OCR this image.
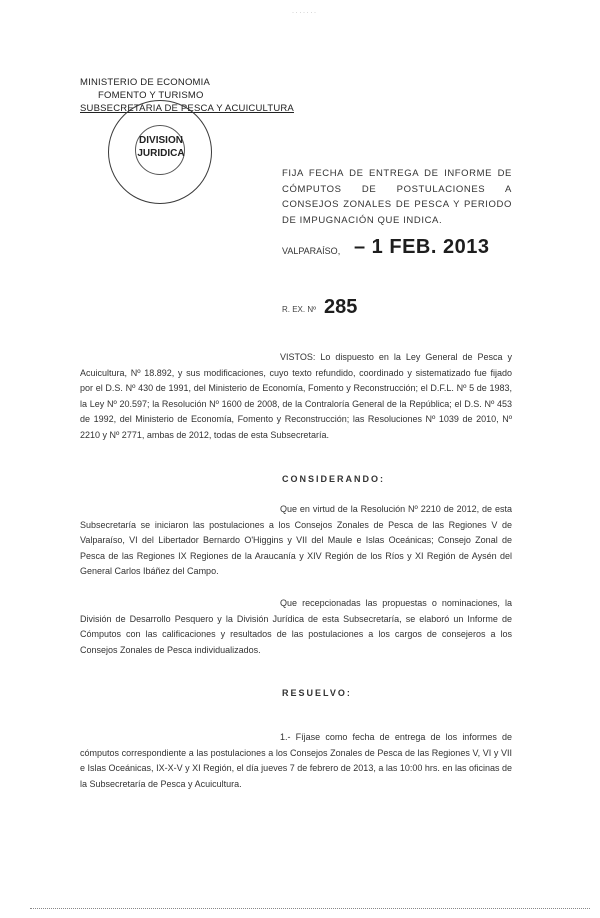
· · · · · · ·
MINISTERIO DE ECONOMIA
FOMENTO Y TURISMO
SUBSECRETARIA DE PESCA Y ACUICULTURA
DIVISION
JURIDICA
FIJA FECHA DE ENTREGA DE INFORME DE CÓMPUTOS DE POSTULACIONES A CONSEJOS ZONALES DE PESCA Y PERIODO DE IMPUGNACIÓN QUE INDICA.
VALPARAÍSO, – 1 FEB. 2013
R. EX. Nº 285
VISTOS: Lo dispuesto en la Ley General de Pesca y Acuicultura, Nº 18.892, y sus modificaciones, cuyo texto refundido, coordinado y sistematizado fue fijado por el D.S. Nº 430 de 1991, del Ministerio de Economía, Fomento y Reconstrucción; el D.F.L. Nº 5 de 1983, la Ley Nº 20.597; la Resolución Nº 1600 de 2008, de la Contraloría General de la República; el D.S. Nº 453 de 1992, del Ministerio de Economía, Fomento y Reconstrucción; las Resoluciones Nº 1039 de 2010, Nº 2210 y Nº 2771, ambas de 2012, todas de esta Subsecretaría.
CONSIDERANDO:
Que en virtud de la Resolución Nº 2210 de 2012, de esta Subsecretaría se iniciaron las postulaciones a los Consejos Zonales de Pesca de las Regiones V de Valparaíso, VI del Libertador Bernardo O'Higgins y VII del Maule e Islas Oceánicas; Consejo Zonal de Pesca de las Regiones IX Regiones de la Araucanía y XIV Región de los Ríos y XI Región de Aysén del General Carlos Ibáñez del Campo.
Que recepcionadas las propuestas o nominaciones, la División de Desarrollo Pesquero y la División Jurídica de esta Subsecretaría, se elaboró un Informe de Cómputos con las calificaciones y resultados de las postulaciones a los cargos de consejeros a los Consejos Zonales de Pesca individualizados.
RESUELVO:
1.- Fíjase como fecha de entrega de los informes de cómputos correspondiente a las postulaciones a los Consejos Zonales de Pesca de las Regiones V, VI y VII e Islas Oceánicas, IX-X-V y XI Región, el día jueves 7 de febrero de 2013, a las 10:00 hrs. en las oficinas de la Subsecretaría de Pesca y Acuicultura.
